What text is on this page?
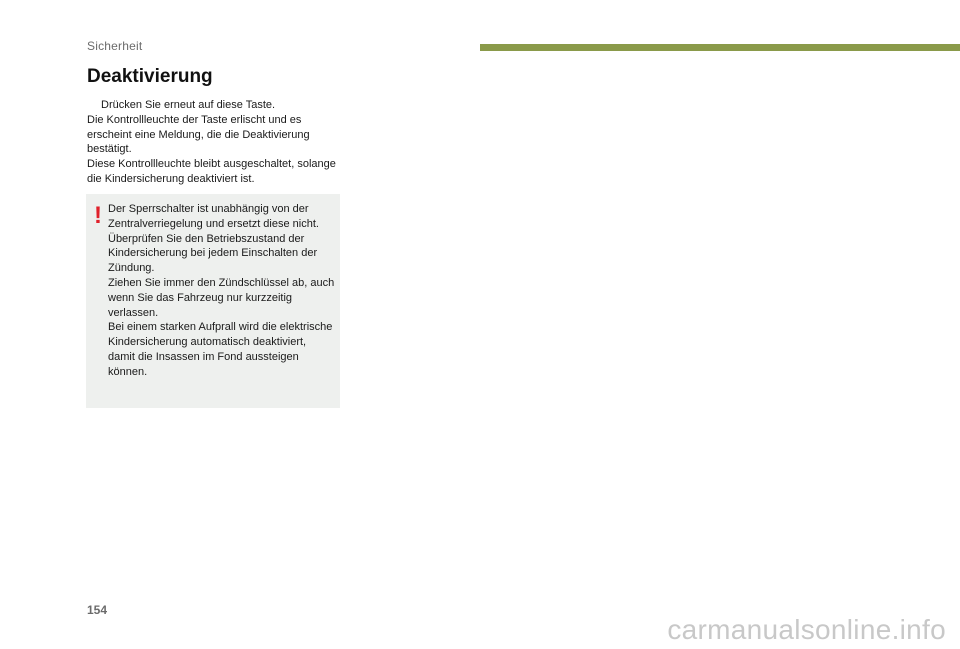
Sicherheit
Deaktivierung

Drücken Sie erneut auf diese Taste.

Die Kontrollleuchte der Taste erlischt und es erscheint eine Meldung, die die Deaktivierung bestätigt.

Diese Kontrollleuchte bleibt ausgeschaltet, solange die Kindersicherung deaktiviert ist.

! Der Sperrschalter ist unabhängig von der Zentralverriegelung und ersetzt diese nicht.

Überprüfen Sie den Betriebszustand der Kindersicherung bei jedem Einschalten der Zündung.

Ziehen Sie immer den Zündschlüssel ab, auch wenn Sie das Fahrzeug nur kurzzeitig verlassen.

Bei einem starken Aufprall wird die elektrische Kindersicherung automatisch deaktiviert, damit die Insassen im Fond aussteigen können.

154
carmanualsonline.info
